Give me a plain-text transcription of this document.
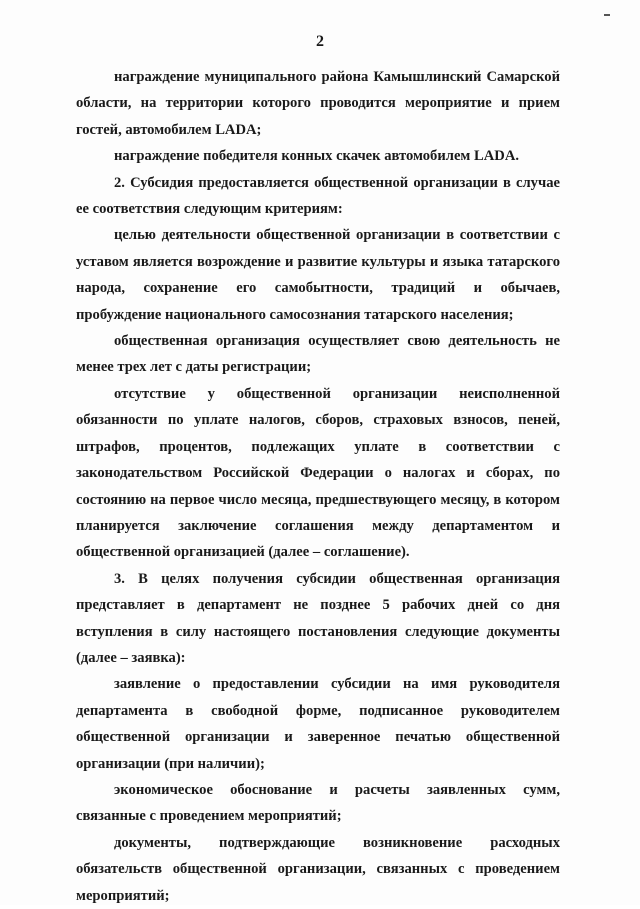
2

награждение муниципального района Камышлинский Самарской области, на территории которого проводится мероприятие и прием гостей, автомобилем LADA;

награждение победителя конных скачек автомобилем LADA.

2. Субсидия предоставляется общественной организации в случае ее соответствия следующим критериям:

целью деятельности общественной организации в соответствии с уставом является возрождение и развитие культуры и языка татарского народа, сохранение его самобытности, традиций и обычаев, пробуждение национального самосознания татарского населения;

общественная организация осуществляет свою деятельность не менее трех лет с даты регистрации;

отсутствие у общественной организации неисполненной обязанности по уплате налогов, сборов, страховых взносов, пеней, штрафов, процентов, подлежащих уплате в соответствии с законодательством Российской Федерации о налогах и сборах, по состоянию на первое число месяца, предшествующего месяцу, в котором планируется заключение соглашения между департаментом и общественной организацией (далее – соглашение).

3. В целях получения субсидии общественная организация представляет в департамент не позднее 5 рабочих дней со дня вступления в силу настоящего постановления следующие документы (далее – заявка):

заявление о предоставлении субсидии на имя руководителя департамента в свободной форме, подписанное руководителем общественной организации и заверенное печатью общественной организации (при наличии);

экономическое обоснование и расчеты заявленных сумм, связанные с проведением мероприятий;

документы, подтверждающие возникновение расходных обязательств общественной организации, связанных с проведением мероприятий;
